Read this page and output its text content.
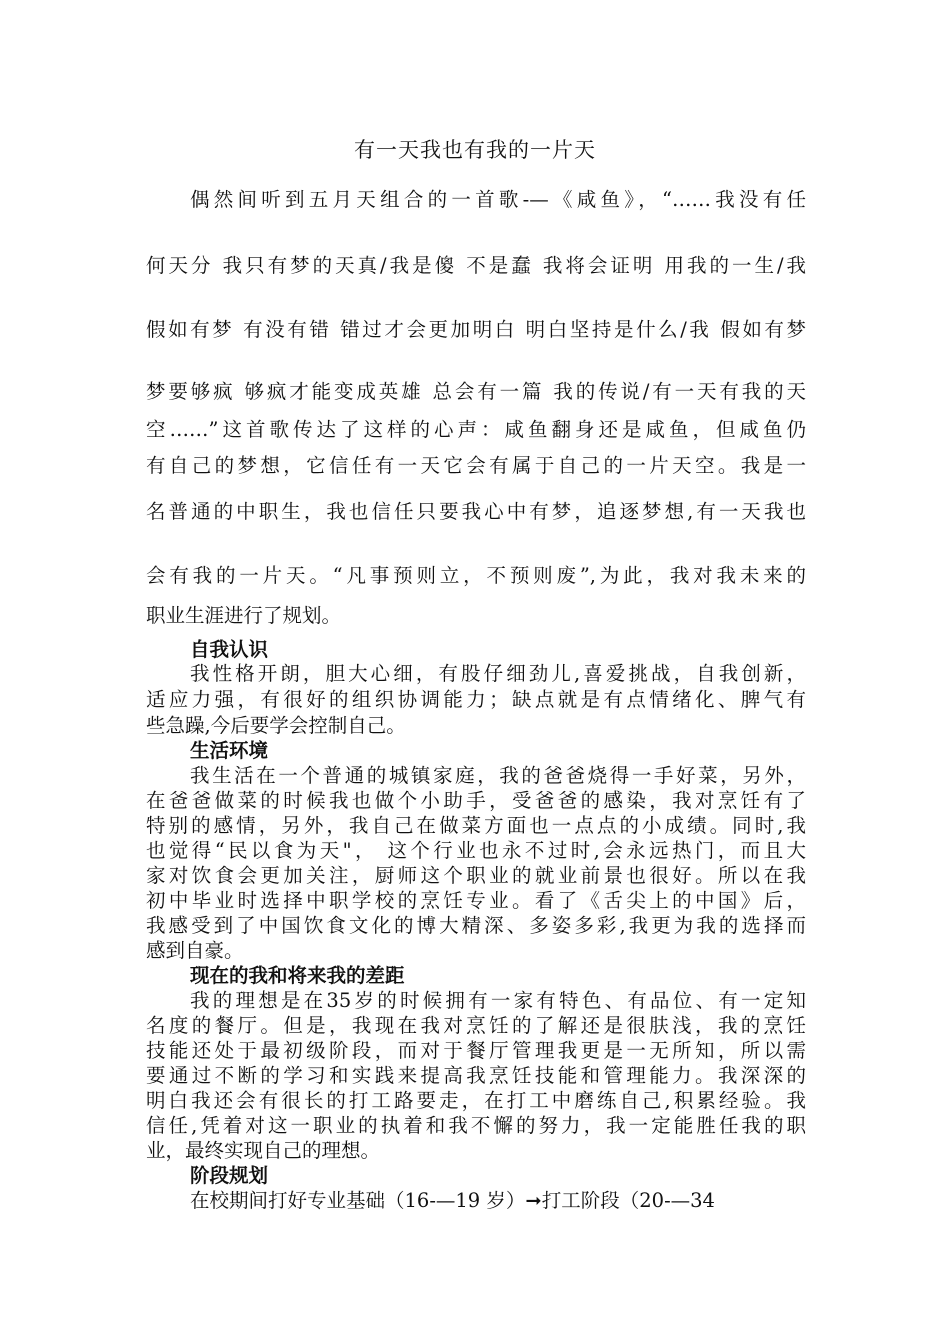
有一天我也有我的一片天
偶然间听到五月天组合的一首歌-—《咸鱼》，“……我没有任
何天分 我只有梦的天真/我是傻 不是蠢 我将会证明 用我的一生/我
假如有梦 有没有错 错过才会更加明白 明白坚持是什么/我 假如有梦
梦要够疯 够疯才能变成英雄 总会有一篇 我的传说/有一天有我的天
空……”这首歌传达了这样的心声：咸鱼翻身还是咸鱼，但咸鱼仍
有自己的梦想，它信任有一天它会有属于自己的一片天空。我是一
名普通的中职生，我也信任只要我心中有梦，追逐梦想,有一天我也
会有我的一片天。“凡事预则立，不预则废”,为此，我对我未来的
职业生涯进行了规划。
自我认识
我性格开朗，胆大心细，有股仔细劲儿,喜爱挑战，自我创新，
适应力强，有很好的组织协调能力；缺点就是有点情绪化、脾气有
些急躁,今后要学会控制自己。
生活环境
我生活在一个普通的城镇家庭，我的爸爸烧得一手好菜，另外，
在爸爸做菜的时候我也做个小助手，受爸爸的感染，我对烹饪有了
特别的感情，另外，我自己在做菜方面也一点点的小成绩。同时,我
也觉得“民以食为天"， 这个行业也永不过时,会永远热门，而且大
家对饮食会更加关注，厨师这个职业的就业前景也很好。所以在我
初中毕业时选择中职学校的烹饪专业。看了《舌尖上的中国》后，
我感受到了中国饮食文化的博大精深、多姿多彩,我更为我的选择而
感到自豪。
现在的我和将来我的差距
我的理想是在35岁的时候拥有一家有特色、有品位、有一定知
名度的餐厅。但是，我现在我对烹饪的了解还是很肤浅，我的烹饪
技能还处于最初级阶段，而对于餐厅管理我更是一无所知，所以需
要通过不断的学习和实践来提高我烹饪技能和管理能力。我深深的
明白我还会有很长的打工路要走，在打工中磨练自己,积累经验。我
信任,凭着对这一职业的执着和我不懈的努力，我一定能胜任我的职
业，最终实现自己的理想。
阶段规划
在校期间打好专业基础（16-—19 岁）➞打工阶段（20-—34
